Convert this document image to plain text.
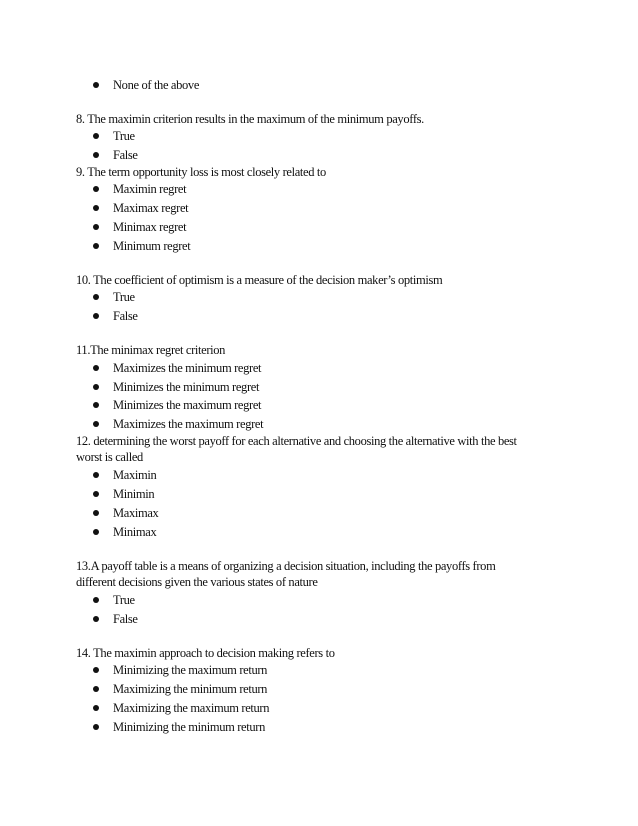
None of the above
8. The maximin criterion results in the maximum of the minimum payoffs.
True
False
9. The term opportunity loss is most closely related to
Maximin regret
Maximax regret
Minimax regret
Minimum regret
10. The coefficient of optimism is a measure of the decision maker’s optimism
True
False
11.The minimax regret criterion
Maximizes the minimum regret
Minimizes the minimum regret
Minimizes the maximum regret
Maximizes the maximum regret
12. determining the worst payoff for each alternative and choosing the alternative with the best
worst is called
Maximin
Minimin
Maximax
Minimax
13.A payoff table is a means of organizing a decision situation, including the payoffs from
different decisions given the various states of nature
True
False
14. The maximin approach to decision making refers to
Minimizing the maximum return
Maximizing the minimum return
Maximizing the maximum return
Minimizing the minimum return
